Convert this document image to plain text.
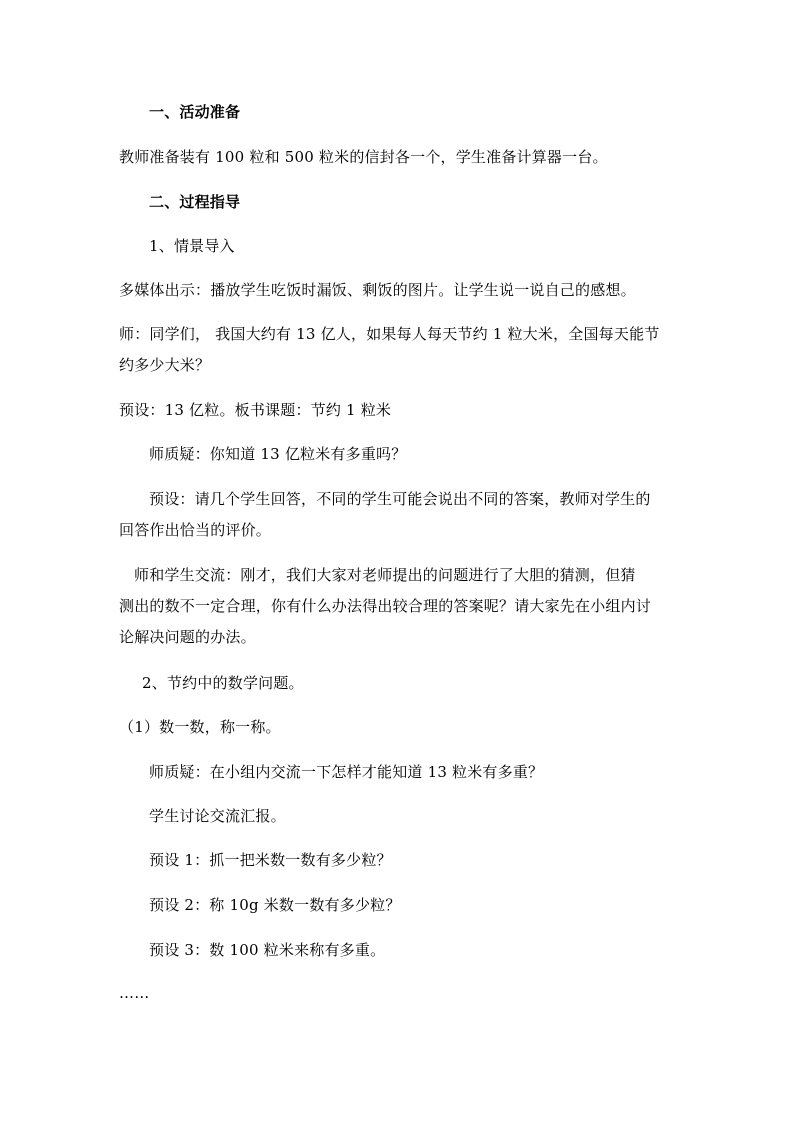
一、活动准备
教师准备装有 100 粒和 500 粒米的信封各一个，学生准备计算器一台。
二、过程指导
1、情景导入
多媒体出示：播放学生吃饭时漏饭、剩饭的图片。让学生说一说自己的感想。
师：同学们， 我国大约有 13 亿人，如果每人每天节约 1 粒大米，全国每天能节
约多少大米？
预设：13 亿粒。板书课题：节约 1 粒米
师质疑：你知道 13 亿粒米有多重吗？
预设：请几个学生回答，不同的学生可能会说出不同的答案，教师对学生的
回答作出恰当的评价。
师和学生交流：刚才，我们大家对老师提出的问题进行了大胆的猜测，但猜
测出的数不一定合理，你有什么办法得出较合理的答案呢？请大家先在小组内讨
论解决问题的办法。
2、节约中的数学问题。
（1）数一数，称一称。
师质疑：在小组内交流一下怎样才能知道 13 粒米有多重？
学生讨论交流汇报。
预设 1：抓一把米数一数有多少粒？
预设 2：称 10g 米数一数有多少粒？
预设 3：数 100 粒米来称有多重。
……
